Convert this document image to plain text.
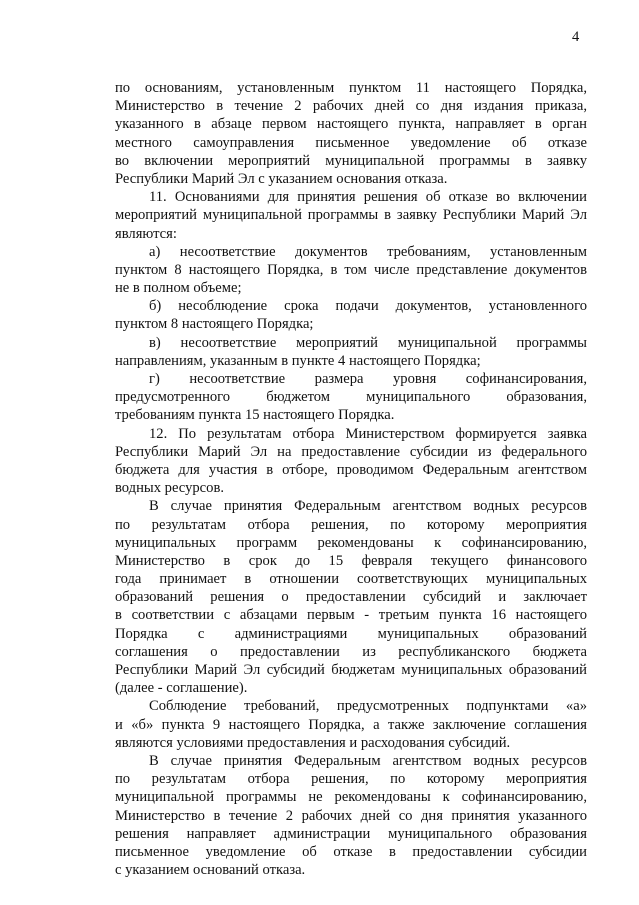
4
по основаниям, установленным пунктом 11 настоящего Порядка,
Министерство в течение 2 рабочих дней со дня издания приказа,
указанного в абзаце первом настоящего пункта, направляет в орган
местного самоуправления письменное уведомление об отказе
во включении мероприятий муниципальной программы в заявку
Республики Марий Эл с указанием основания отказа.
11. Основаниями для принятия решения об отказе во включении
мероприятий муниципальной программы в заявку Республики Марий Эл
являются:
а) несоответствие документов требованиям, установленным
пунктом 8 настоящего Порядка, в том числе представление документов
не в полном объеме;
б) несоблюдение срока подачи документов, установленного
пунктом 8 настоящего Порядка;
в) несоответствие мероприятий муниципальной программы
направлениям, указанным в пункте 4 настоящего Порядка;
г) несоответствие размера уровня софинансирования,
предусмотренного бюджетом муниципального образования,
требованиям пункта 15 настоящего Порядка.
12. По результатам отбора Министерством формируется заявка
Республики Марий Эл на предоставление субсидии из федерального
бюджета для участия в отборе, проводимом Федеральным агентством
водных ресурсов.
В случае принятия Федеральным агентством водных ресурсов
по результатам отбора решения, по которому мероприятия
муниципальных программ рекомендованы к софинансированию,
Министерство в срок до 15 февраля текущего финансового
года принимает в отношении соответствующих муниципальных
образований решения о предоставлении субсидий и заключает
в соответствии с абзацами первым - третьим пункта 16 настоящего
Порядка с администрациями муниципальных образований
соглашения о предоставлении из республиканского бюджета
Республики Марий Эл субсидий бюджетам муниципальных образований
(далее - соглашение).
Соблюдение требований, предусмотренных подпунктами «а»
и «б» пункта 9 настоящего Порядка, а также заключение соглашения
являются условиями предоставления и расходования субсидий.
В случае принятия Федеральным агентством водных ресурсов
по результатам отбора решения, по которому мероприятия
муниципальной программы не рекомендованы к софинансированию,
Министерство в течение 2 рабочих дней со дня принятия указанного
решения направляет администрации муниципального образования
письменное уведомление об отказе в предоставлении субсидии
с указанием оснований отказа.
